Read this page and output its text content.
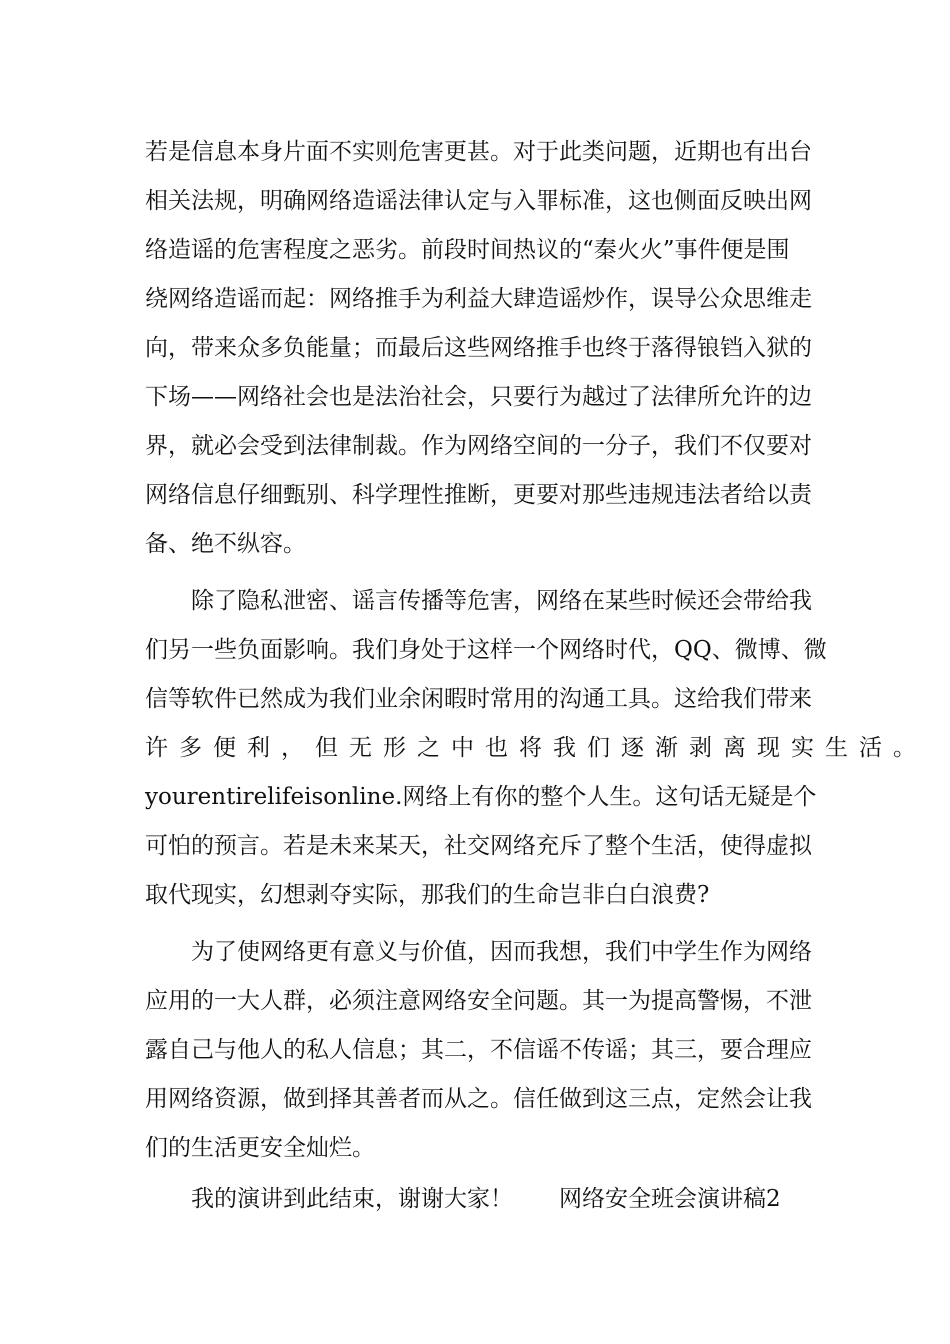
若是信息本身片面不实则危害更甚。对于此类问题，近期也有出台
相关法规，明确网络造谣法律认定与入罪标准，这也侧面反映出网
络造谣的危害程度之恶劣。前段时间热议的“秦火火”事件便是围
绕网络造谣而起：网络推手为利益大肆造谣炒作，误导公众思维走
向，带来众多负能量；而最后这些网络推手也终于落得锒铛入狱的
下场——网络社会也是法治社会，只要行为越过了法律所允许的边
界，就必会受到法律制裁。作为网络空间的一分子，我们不仅要对
网络信息仔细甄别、科学理性推断，更要对那些违规违法者给以责
备、绝不纵容。
除了隐私泄密、谣言传播等危害，网络在某些时候还会带给我
们另一些负面影响。我们身处于这样一个网络时代，QQ、微博、微
信等软件已然成为我们业余闲暇时常用的沟通工具。这给我们带来
许多便利，但无形之中也将我们逐渐剥离现实生活。
yourentirelifeisonline.网络上有你的整个人生。这句话无疑是个
可怕的预言。若是未来某天，社交网络充斥了整个生活，使得虚拟
取代现实，幻想剥夺实际，那我们的生命岂非白白浪费?
为了使网络更有意义与价值，因而我想，我们中学生作为网络
应用的一大人群，必须注意网络安全问题。其一为提高警惕，不泄
露自己与他人的私人信息；其二，不信谣不传谣；其三，要合理应
用网络资源，做到择其善者而从之。信任做到这三点，定然会让我
们的生活更安全灿烂。
我的演讲到此结束，谢谢大家！　　网络安全班会演讲稿2
